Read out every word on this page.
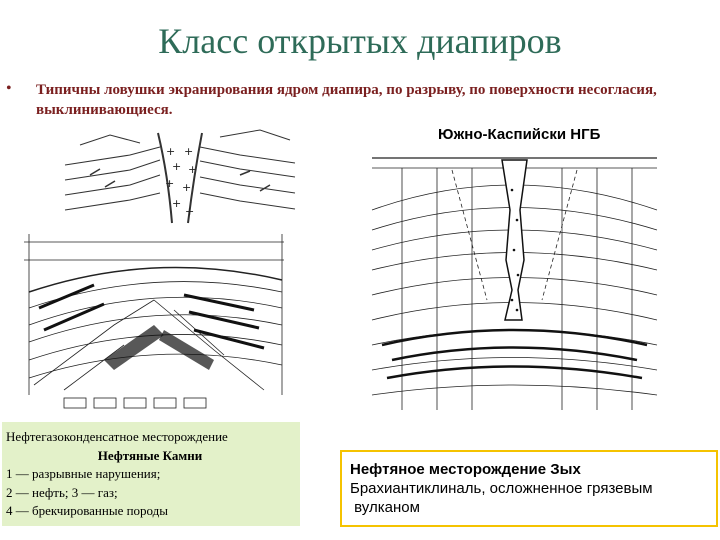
Класс открытых диапиров
• Типичны ловушки экранирования ядром диапира, по разрыву, по поверхности несогласия, выклинивающиеся.
Южно-Каспийски НГБ
+ +
+ +
+ +
+
+
Нефтегазоконденсатное месторождение
Нефтяные Камни
1 — разрывные нарушения;
2 — нефть; 3 — газ;
4 — брекчированные породы
Нефтяное месторождение Зых
Брахиантиклиналь, осложненное грязевым
вулканом
